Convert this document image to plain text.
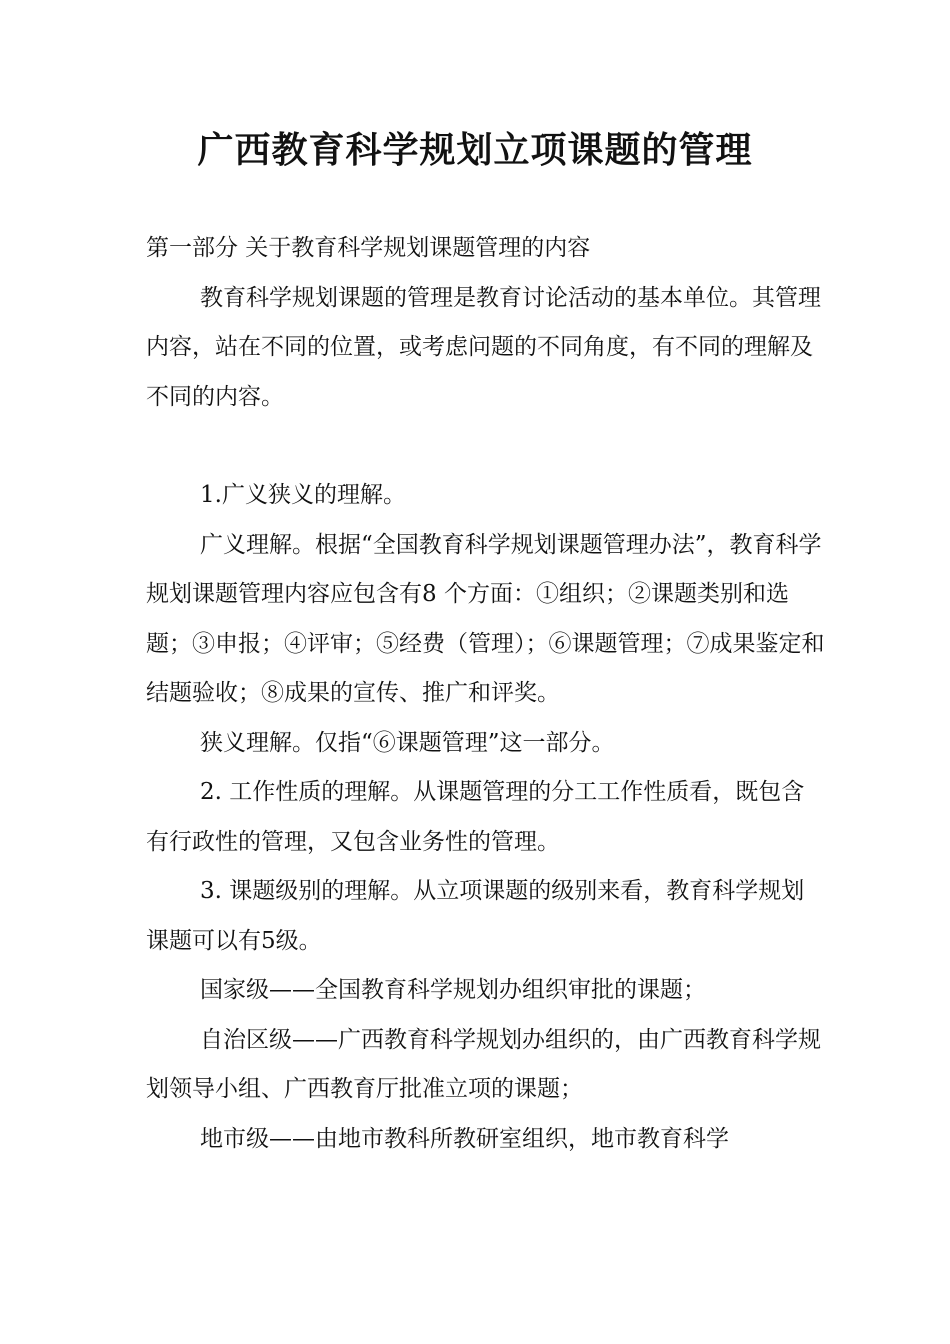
广西教育科学规划立项课题的管理

第一部分 关于教育科学规划课题管理的内容

教育科学规划课题的管理是教育讨论活动的基本单位。其管理内容，站在不同的位置，或考虑问题的不同角度，有不同的理解及不同的内容。

1.广义狭义的理解。

广义理解。根据“全国教育科学规划课题管理办法”，教育科学规划课题管理内容应包含有8 个方面：①组织；②课题类别和选题；③申报；④评审；⑤经费（管理）；⑥课题管理；⑦成果鉴定和结题验收；⑧成果的宣传、推广和评奖。

狭义理解。仅指“⑥课题管理”这一部分。

2. 工作性质的理解。从课题管理的分工工作性质看，既包含有行政性的管理，又包含业务性的管理。

3. 课题级别的理解。从立项课题的级别来看，教育科学规划课题可以有5级。

国家级——全国教育科学规划办组织审批的课题；

自治区级——广西教育科学规划办组织的，由广西教育科学规划领导小组、广西教育厅批准立项的课题；

地市级——由地市教科所教研室组织，地市教育科学
